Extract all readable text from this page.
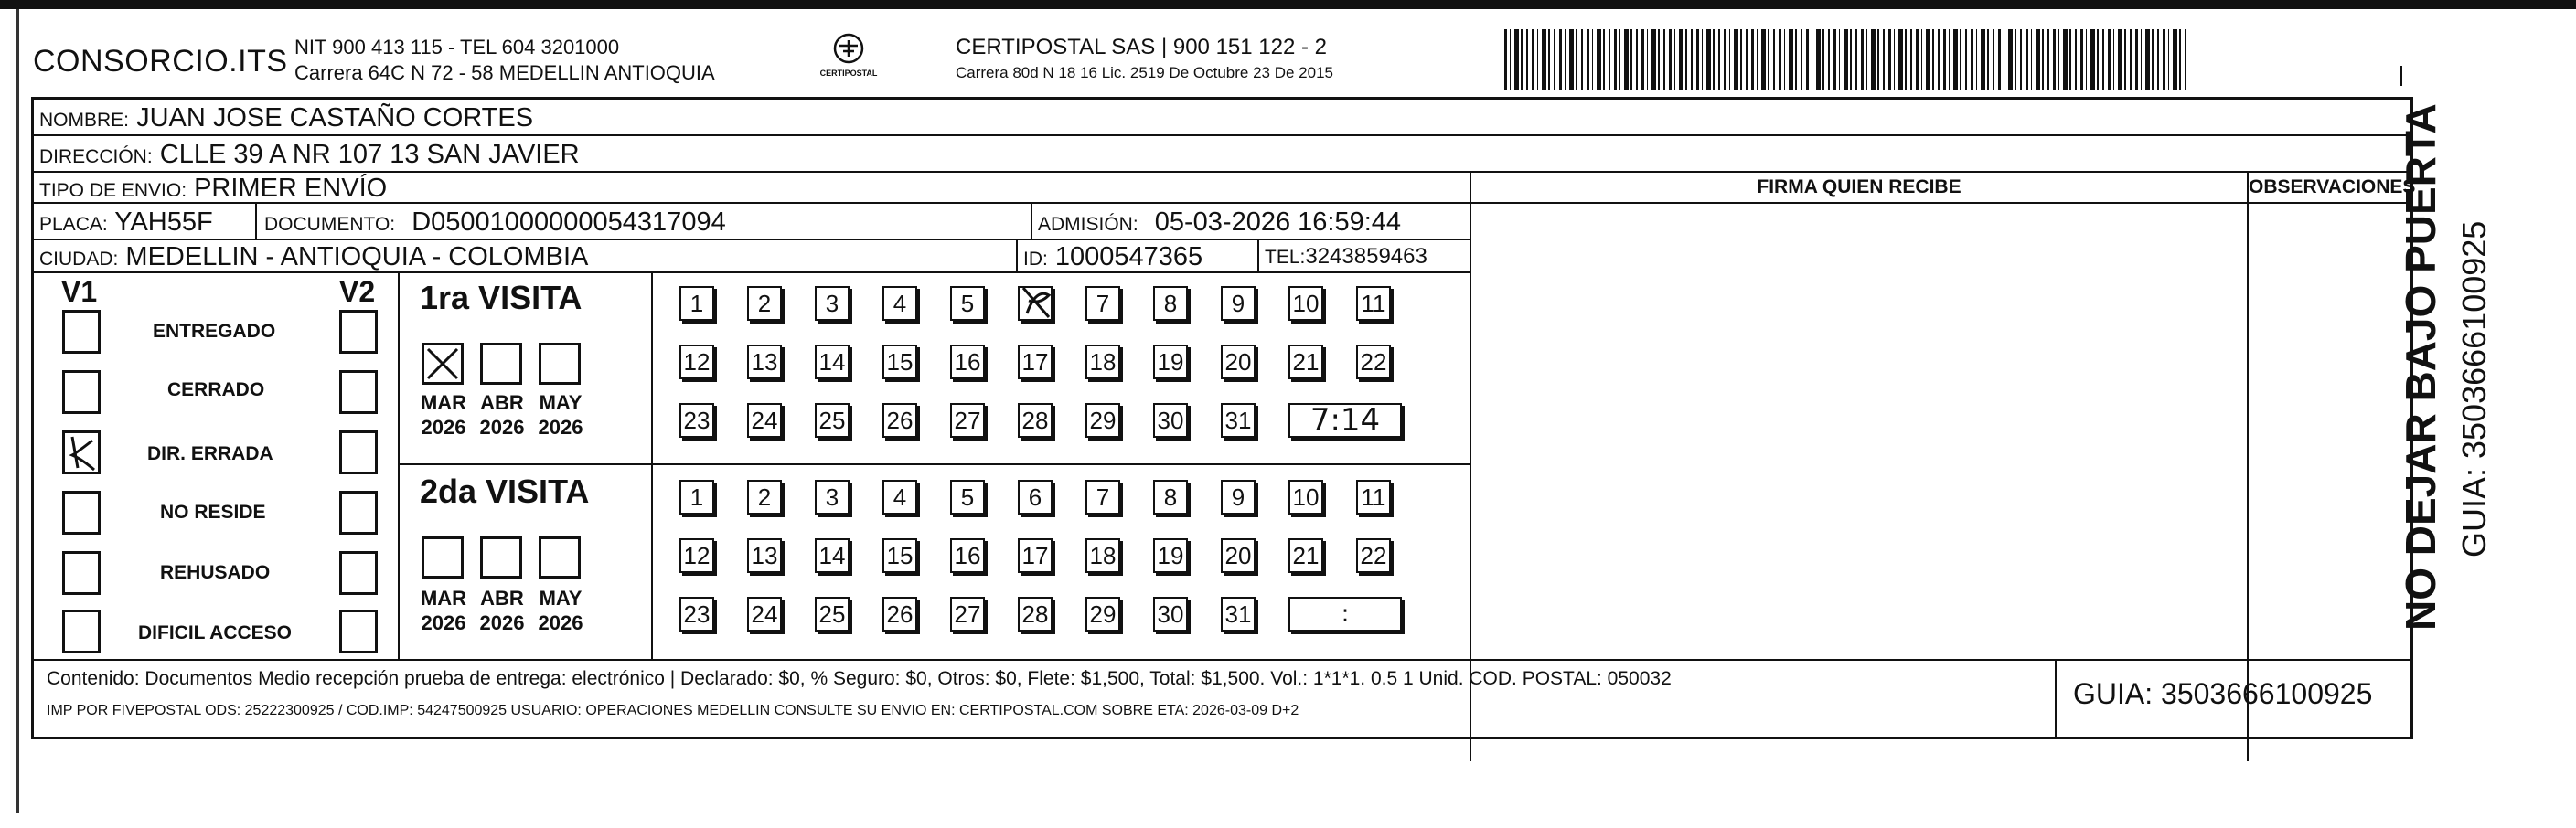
CONSORCIO.ITS NIT 900 413 115 - TEL 604 3201000
Carrera 64C N 72 - 58 MEDELLIN ANTIOQUIA	CERTIPOSTAL
CERTIPOSTAL SAS | 900 151 122 - 2
Carrera 80d N 18 16 Lic. 2519 De Octubre 23 De 2015
NOMBRE: JUAN JOSE CASTAÑO CORTES
DIRECCIÓN: CLLE 39 A NR 107 13 SAN JAVIER
TIPO DE ENVIO: PRIMER ENVÍO	FIRMA QUIEN RECIBE	OBSERVACIONES
PLACA: YAH55F	DOCUMENTO: D05001000000054317094	ADMISIÓN: 05-03-2026 16:59:44
CIUDAD: MEDELLIN - ANTIOQUIA - COLOMBIA	ID: 1000547365	TEL:3243859463
V1	V2
ENTREGADO
CERRADO
DIR. ERRADA
NO RESIDE
REHUSADO
DIFICIL ACCESO
1ra VISITA
MAR
2026
ABR
2026
MAY
2026
1	2	3	4	5	7	8	9	10 11
12 13 14 15 16 17 18 19 20 21 22
23 24 25 26 27 28 29 30 31	7:14
2da VISITA
MAR
2026
ABR
2026
MAY
2026
1	2	3	4	5	6	7	8	9	10 11
12 13 14 15 16 17 18 19 20 21 22
23 24 25 26 27 28 29 30 31	:
Contenido: Documentos Medio recepción prueba de entrega: electrónico | Declarado: $0, % Seguro: $0, Otros: $0, Flete: $1,500, Total: $1,500. Vol.: 1*1*1. 0.5 1 Unid. COD. POSTAL: 050032
IMP POR FIVEPOSTAL ODS: 25222300925 / COD.IMP: 54247500925 USUARIO: OPERACIONES MEDELLIN CONSULTE SU ENVIO EN: CERTIPOSTAL.COM SOBRE ETA: 2026-03-09 D+2
GUIA: 3503666100925
NO DEJAR BAJO PUERTA GUIA: 3503666100925
